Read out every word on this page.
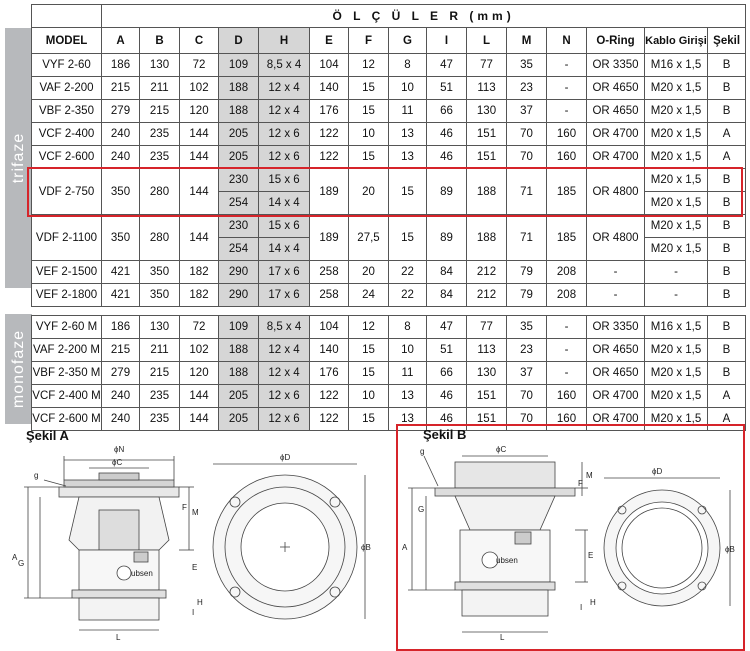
trifaze
monofaze
	Ö L Ç Ü L E R (mm)														
MODEL	A	B	C	D	H	E	F	G	I	L	M	N	O-Ring	Kablo Girişi	Şekil
VYF 2-60	186	130	72	109	8,5 x 4	104	12	8	47	77	35	-	OR 3350	M16 x 1,5	B
VAF 2-200	215	211	102	188	12 x 4	140	15	10	51	113	23	-	OR 4650	M20 x 1,5	B
VBF 2-350	279	215	120	188	12 x 4	176	15	11	66	130	37	-	OR 4650	M20 x 1,5	B
VCF 2-400	240	235	144	205	12 x 6	122	10	13	46	151	70	160	OR 4700	M20 x 1,5	A
VCF 2-600	240	235	144	205	12 x 6	122	15	13	46	151	70	160	OR 4700	M20 x 1,5	A
VDF 2-750	350	280	144	230	15 x 6	189	20	15	89	188	71	185	OR 4800	M20 x 1,5	B
				254	14 x 4									M20 x 1,5	B
VDF 2-1100	350	280	144	230	15 x 6	189	27,5	15	89	188	71	185	OR 4800	M20 x 1,5	B
				254	14 x 4									M20 x 1,5	B
VEF 2-1500	421	350	182	290	17 x 6	258	20	22	84	212	79	208	-	-	B
VEF 2-1800	421	350	182	290	17 x 6	258	24	22	84	212	79	208	-	-	B
VYF 2-60 M	186	130	72	109	8,5 x 4	104	12	8	47	77	35	-	OR 3350	M16 x 1,5	B
VAF 2-200 M	215	211	102	188	12 x 4	140	15	10	51	113	23	-	OR 4650	M20 x 1,5	B
VBF 2-350 M	279	215	120	188	12 x 4	176	15	11	66	130	37	-	OR 4650	M20 x 1,5	B
VCF 2-400 M	240	235	144	205	12 x 6	122	10	13	46	151	70	160	OR 4700	M20 x 1,5	A
VCF 2-600 M	240	235	144	205	12 x 6	122	15	13	46	151	70	160	OR 4700	M20 x 1,5	A
Şekil A	Şekil B
ϕN
ϕC
g
A
G
F
M
E
H
I
L
ubsen
ϕD
ϕB
ϕC
g
A
G
M
F
E
H
I
L
ubsen
ϕD
ϕB
